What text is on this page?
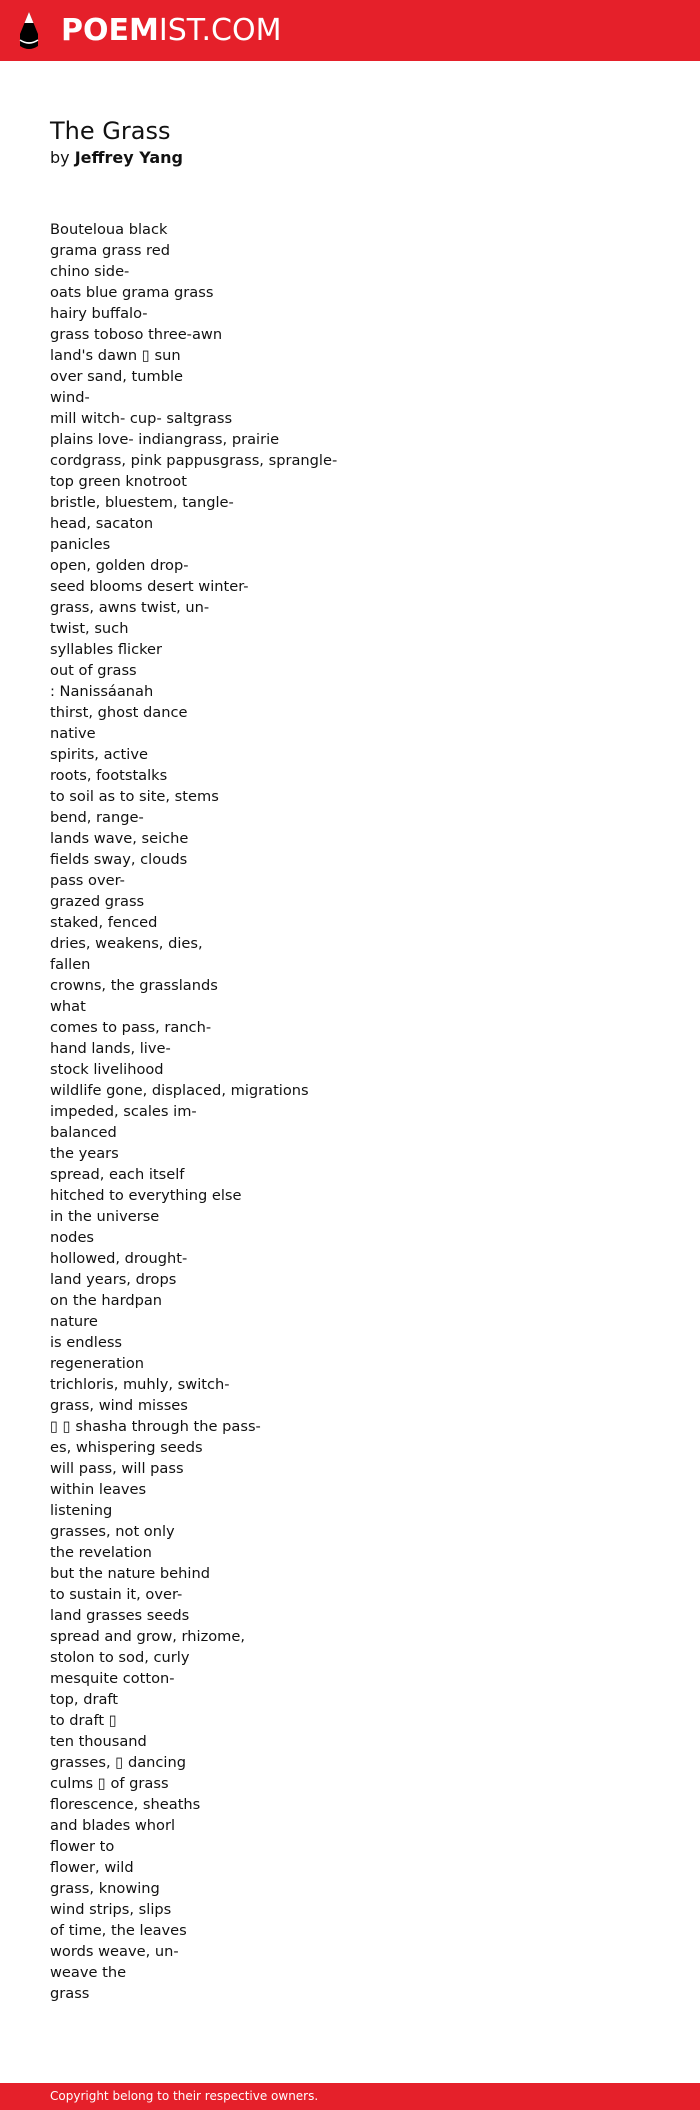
POEMIST.COM
The Grass
by Jeffrey Yang
Bouteloua black
grama grass red
chino side-
oats blue grama grass
hairy buffalo-
grass toboso three-awn
land's dawn ▯ sun
over sand, tumble
wind-
mill witch- cup- saltgrass
plains love- indiangrass, prairie
cordgrass, pink pappusgrass, sprangle-
top green knotroot
bristle, bluestem, tangle-
head, sacaton
panicles
open, golden drop-
seed blooms desert winter-
grass, awns twist, un-
twist, such
syllables flicker
out of grass
: Nanissáanah
thirst, ghost dance
native
spirits, active
roots, footstalks
to soil as to site, stems
bend, range-
lands wave, seiche
fields sway, clouds
pass over-
grazed grass
staked, fenced
dries, weakens, dies,
fallen
crowns, the grasslands
what
comes to pass, ranch-
hand lands, live-
stock livelihood
wildlife gone, displaced, migrations
impeded, scales im-
balanced
the years
spread, each itself
hitched to everything else
in the universe
nodes
hollowed, drought-
land years, drops
on the hardpan
nature
is endless
regeneration
trichloris, muhly, switch-
grass, wind misses
▯ ▯ shasha through the pass-
es, whispering seeds
will pass, will pass
within leaves
listening
grasses, not only
the revelation
but the nature behind
to sustain it, over-
land grasses seeds
spread and grow, rhizome,
stolon to sod, curly
mesquite cotton-
top, draft
to draft ▯
ten thousand
grasses, ▯ dancing
culms ▯ of grass
florescence, sheaths
and blades whorl
flower to
flower, wild
grass, knowing
wind strips, slips
of time, the leaves
words weave, un-
weave the
grass
Copyright belong to their respective owners.
